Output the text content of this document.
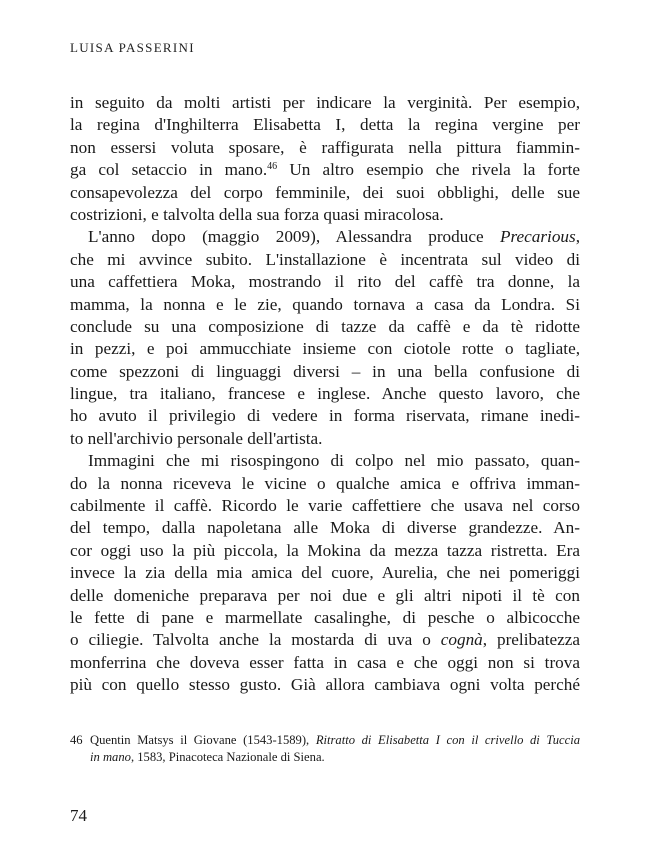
LUISA PASSERINI
in seguito da molti artisti per indicare la verginità. Per esempio,
la regina d'Inghilterra Elisabetta I, detta la regina vergine per
non essersi voluta sposare, è raffigurata nella pittura fiammin-
ga col setaccio in mano.$^{46}$ Un altro esempio che rivela la forte
consapevolezza del corpo femminile, dei suoi obblighi, delle sue
costrizioni, e talvolta della sua forza quasi miracolosa.
L'anno dopo (maggio 2009), Alessandra produce Precarious,
che mi avvince subito. L'installazione è incentrata sul video di
una caffettiera Moka, mostrando il rito del caffè tra donne, la
mamma, la nonna e le zie, quando tornava a casa da Londra. Si
conclude su una composizione di tazze da caffè e da tè ridotte
in pezzi, e poi ammucchiate insieme con ciotole rotte o tagliate,
come spezzoni di linguaggi diversi – in una bella confusione di
lingue, tra italiano, francese e inglese. Anche questo lavoro, che
ho avuto il privilegio di vedere in forma riservata, rimane inedi-
to nell'archivio personale dell'artista.
Immagini che mi risospingono di colpo nel mio passato, quan-
do la nonna riceveva le vicine o qualche amica e offriva imman-
cabilmente il caffè. Ricordo le varie caffettiere che usava nel corso
del tempo, dalla napoletana alle Moka di diverse grandezze. An-
cor oggi uso la più piccola, la Mokina da mezza tazza ristretta. Era
invece la zia della mia amica del cuore, Aurelia, che nei pomeriggi
delle domeniche preparava per noi due e gli altri nipoti il tè con
le fette di pane e marmellate casalinghe, di pesche o albicocche
o ciliegie. Talvolta anche la mostarda di uva o cognà, prelibatezza
monferrina che doveva esser fatta in casa e che oggi non si trova
più con quello stesso gusto. Già allora cambiava ogni volta perché
46 Quentin Matsys il Giovane (1543-1589), Ritratto di Elisabetta I con il crivello di Tuccia
in mano, 1583, Pinacoteca Nazionale di Siena.
74
